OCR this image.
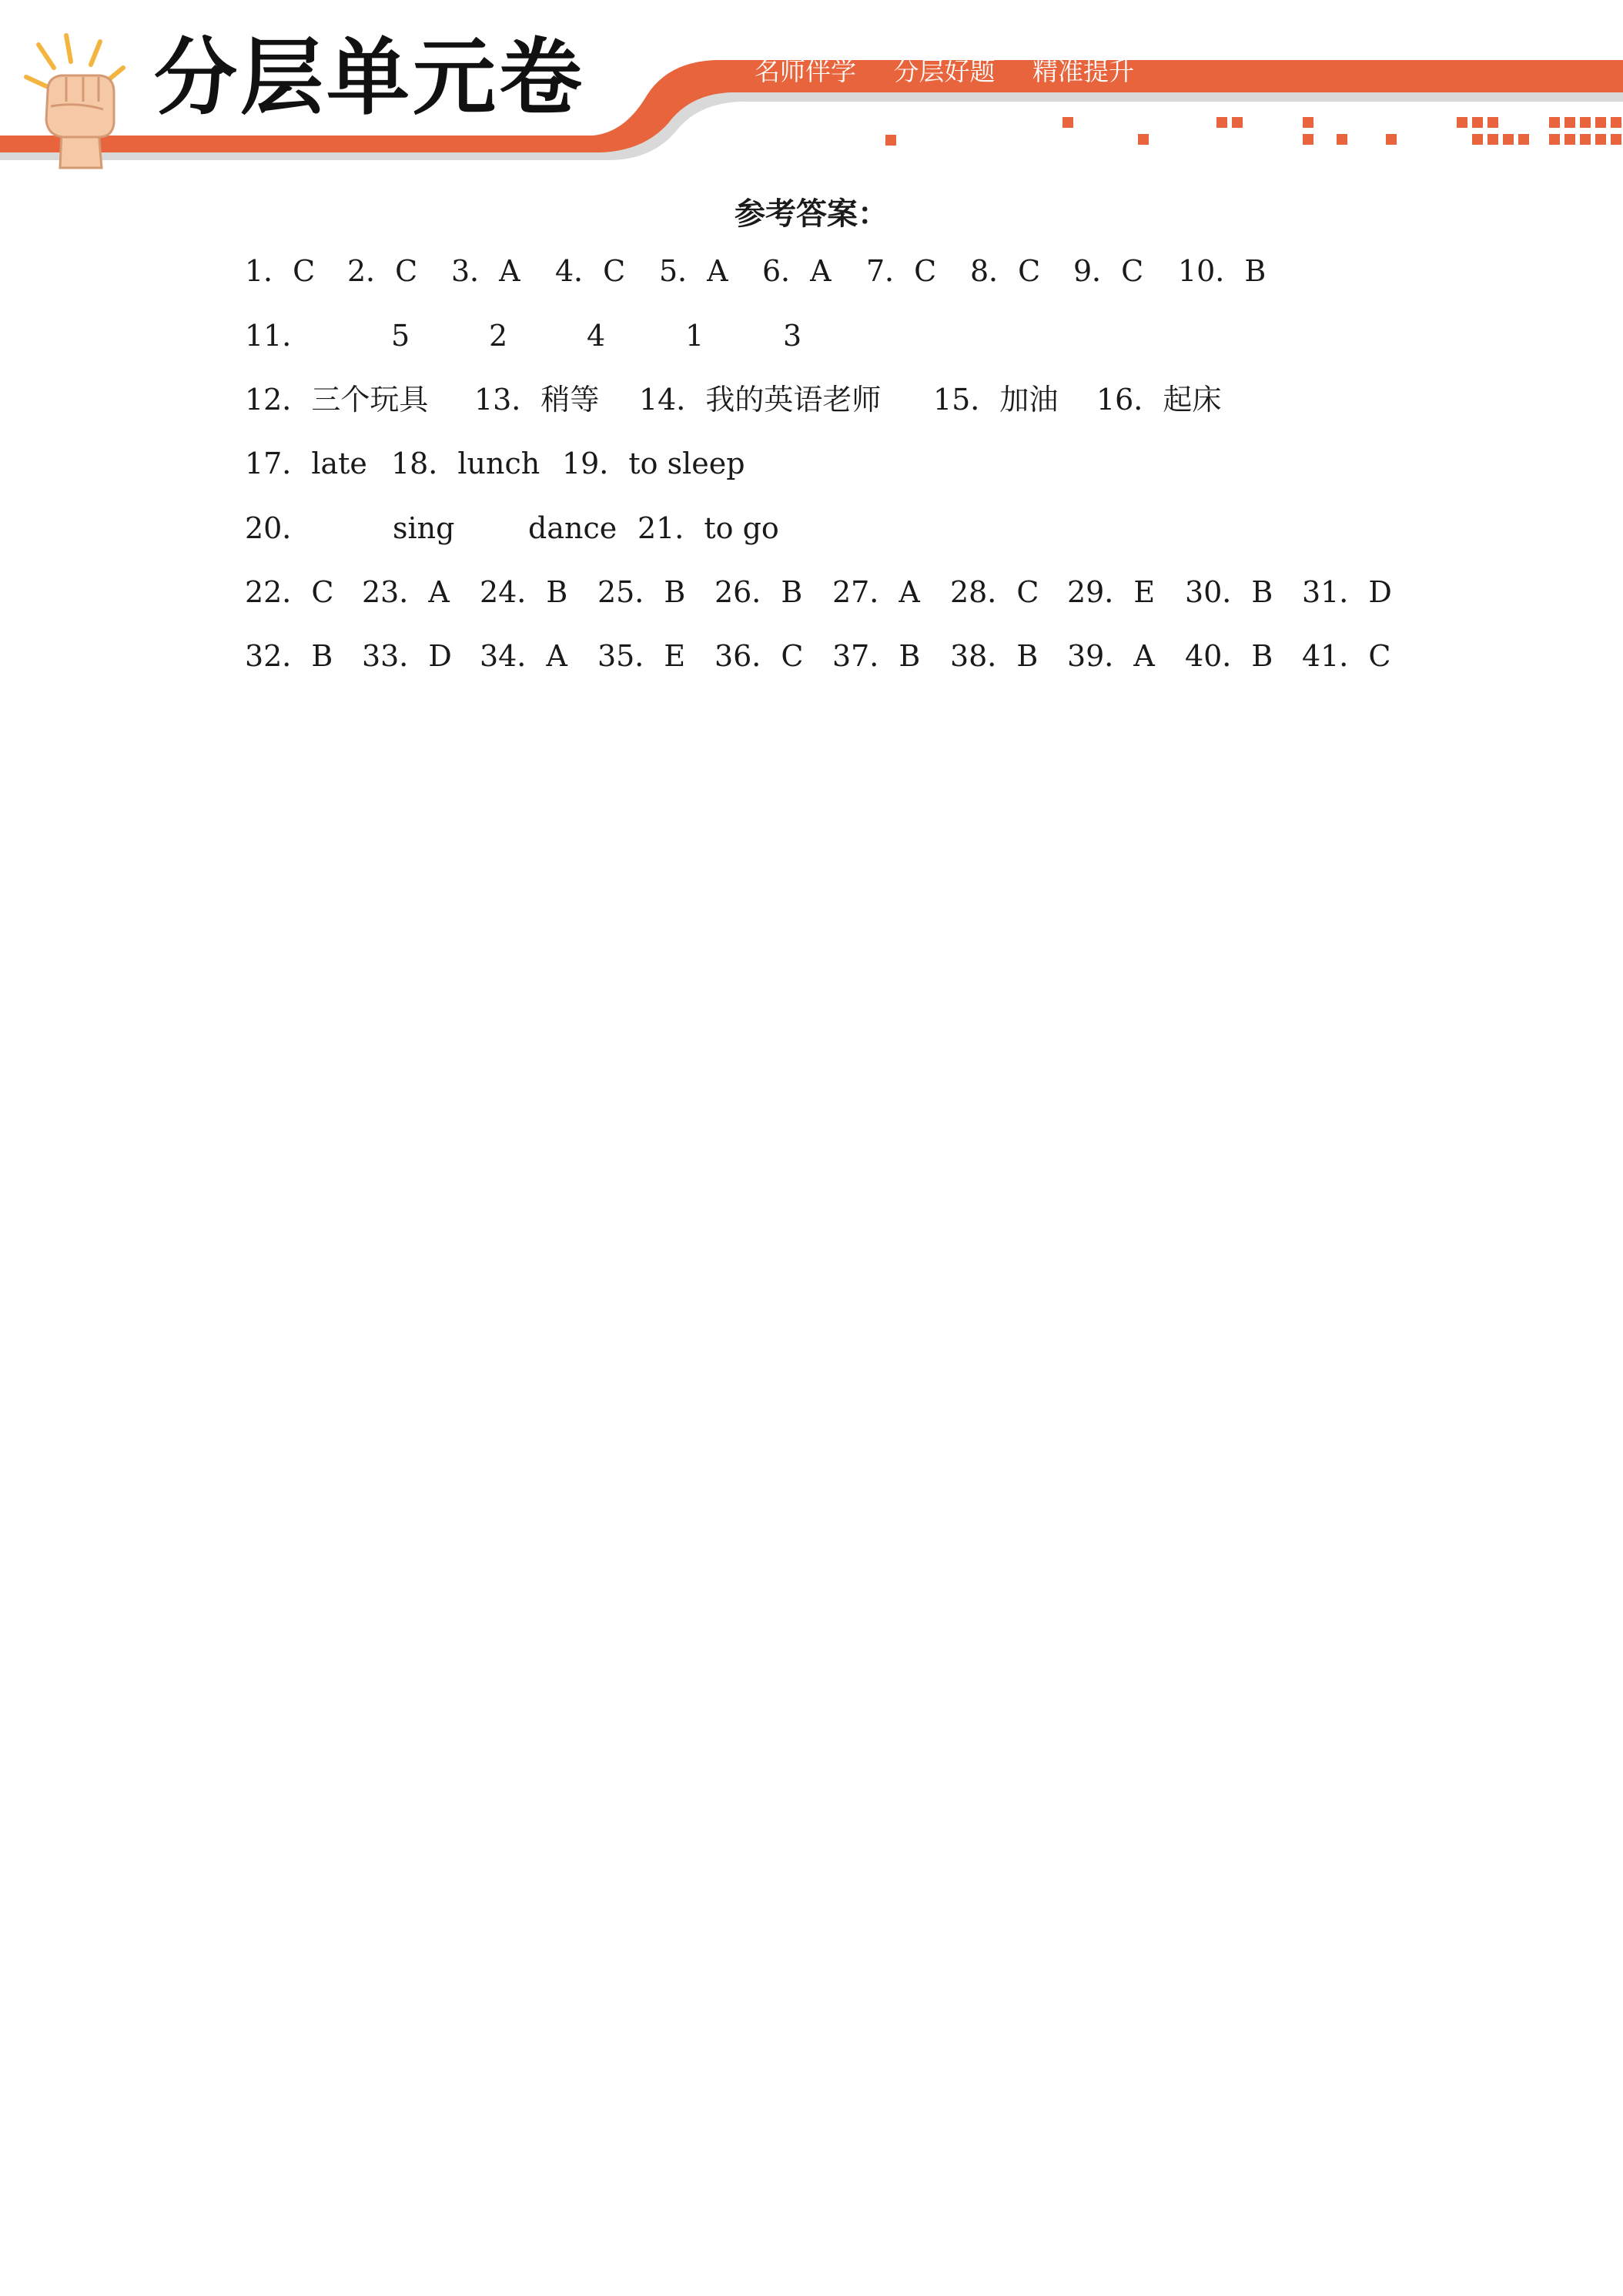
分层单元卷	名师伴学 分层好题 精准提升
参考答案：
1．C 2．C 3．A 4．C 5．A 6．A 7．C 8．C 9．C 10．B
11．	5	2	4	1	3
12．三个玩具 13．稍等 14．我的英语老师 15．加油 16．起床
17．late 18．lunch 19．to sleep
20．	sing	dance 21．to go
22．C 23．A 24．B 25．B 26．B 27．A 28．C 29．E 30．B 31．D
32．B 33．D 34．A 35．E 36．C 37．B 38．B 39．A 40．B 41．C
